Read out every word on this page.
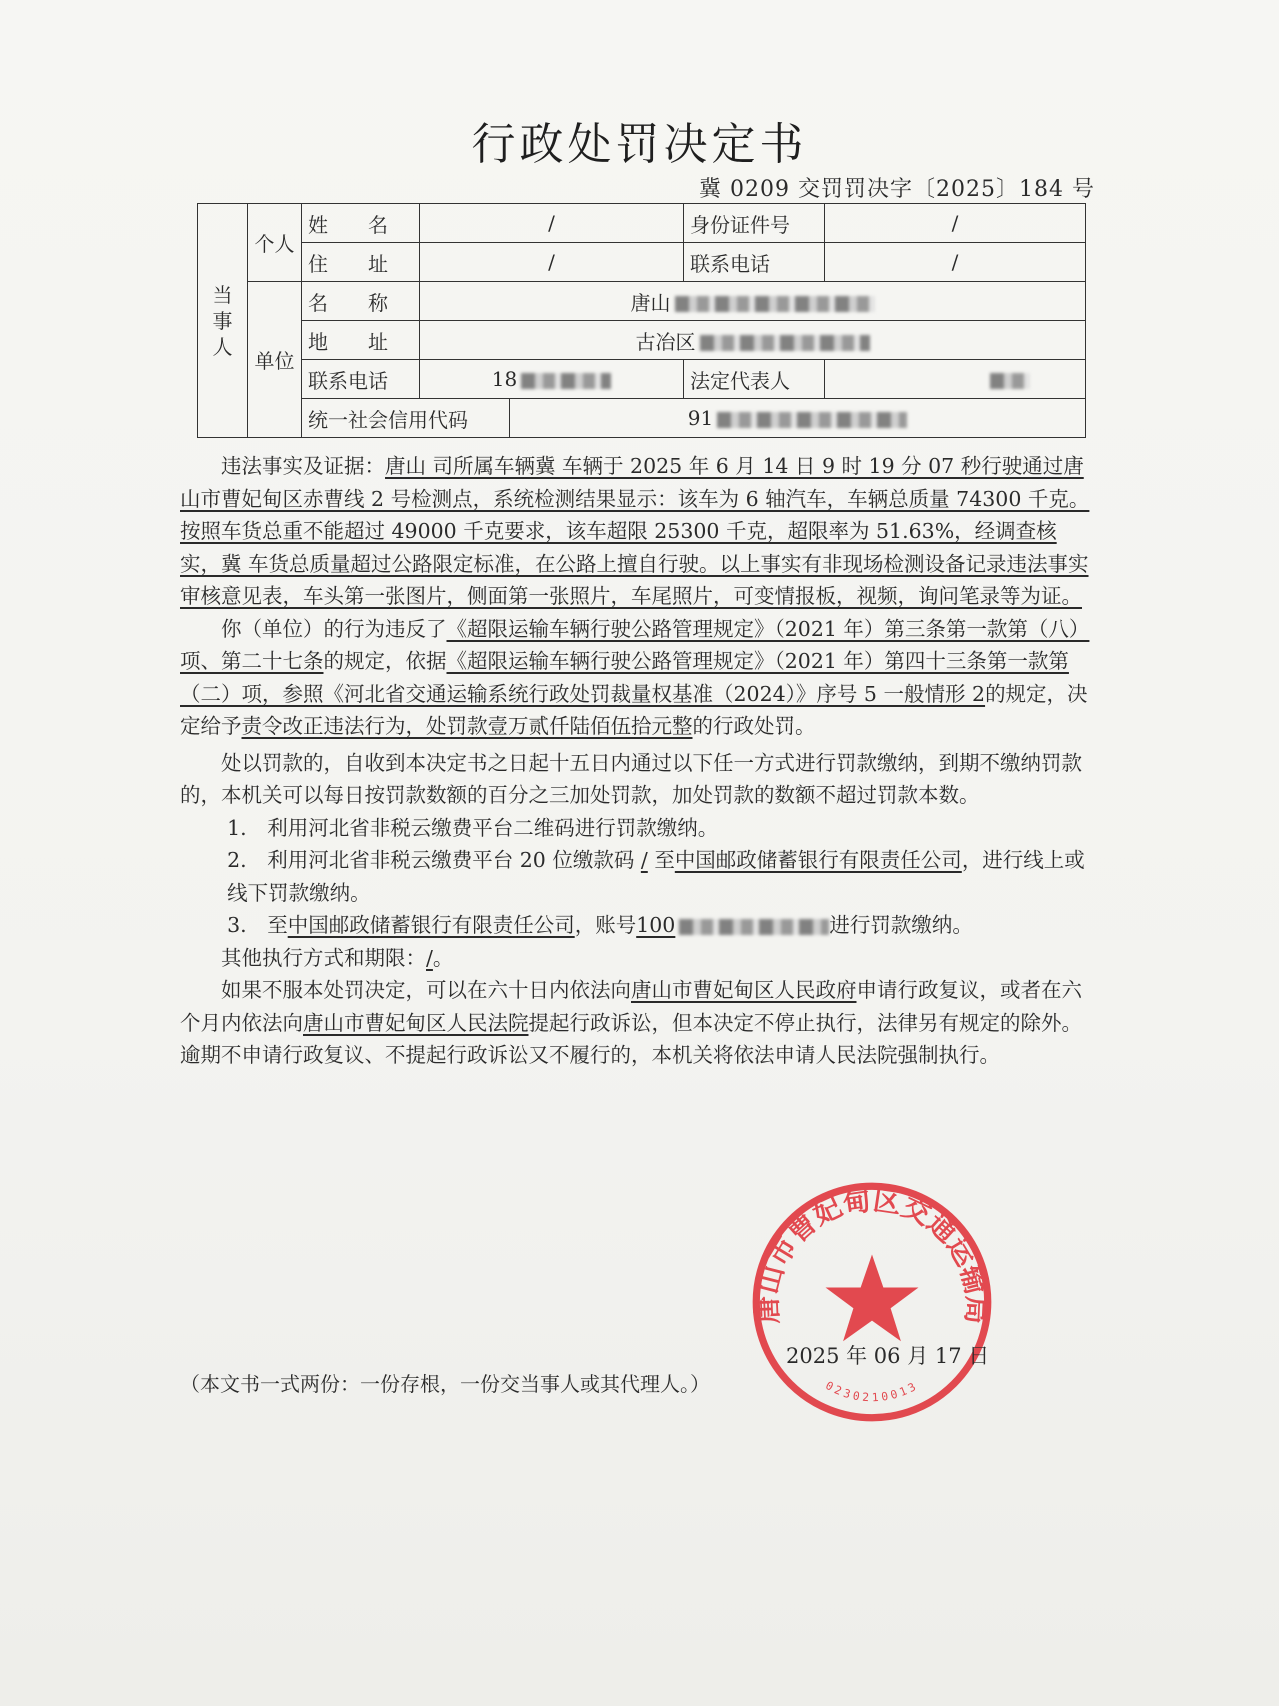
行政处罚决定书
冀 0209 交罚罚决字〔2025〕184 号
当事人	个人	姓　　名	/		身份证件号	/
		住　　址	/		联系电话	/
	单位	名　　称	唐山			
		地　　址	古冶区			
		联系电话	18		法定代表人	
		统一社会信用代码		91		

违法事实及证据：唐山 司所属车辆冀 车辆于 2025 年 6 月 14 日 9 时 19 分 07 秒行驶通过唐山市曹妃甸区赤曹线 2 号检测点，系统检测结果显示：该车为 6 轴汽车，车辆总质量 74300 千克。按照车货总重不能超过 49000 千克要求，该车超限 25300 千克，超限率为 51.63%，经调查核实，冀 车货总质量超过公路限定标准，在公路上擅自行驶。以上事实有非现场检测设备记录违法事实审核意见表，车头第一张图片，侧面第一张照片，车尾照片，可变情报板，视频，询问笔录等为证。

你（单位）的行为违反了《超限运输车辆行驶公路管理规定》（2021 年）第三条第一款第（八）项、第二十七条的规定，依据《超限运输车辆行驶公路管理规定》（2021 年）第四十三条第一款第（二）项，参照《河北省交通运输系统行政处罚裁量权基准（2024）》序号 5 一般情形 2的规定，决定给予责令改正违法行为，处罚款壹万贰仟陆佰伍拾元整的行政处罚。

处以罚款的，自收到本决定书之日起十五日内通过以下任一方式进行罚款缴纳，到期不缴纳罚款的，本机关可以每日按罚款数额的百分之三加处罚款，加处罚款的数额不超过罚款本数。

1.　利用河北省非税云缴费平台二维码进行罚款缴纳。

2.　利用河北省非税云缴费平台 20 位缴款码 / 至中国邮政储蓄银行有限责任公司，进行线上或线下罚款缴纳。

3.　至中国邮政储蓄银行有限责任公司，账号100	进行罚款缴纳。

其他执行方式和期限：/。

如果不服本处罚决定，可以在六十日内依法向唐山市曹妃甸区人民政府申请行政复议，或者在六个月内依法向唐山市曹妃甸区人民法院提起行政诉讼，但本决定不停止执行，法律另有规定的除外。逾期不申请行政复议、不提起行政诉讼又不履行的，本机关将依法申请人民法院强制执行。

唐山市曹妃甸区交通运输局
0230210013
2025 年 06 月 17 日
（本文书一式两份：一份存根，一份交当事人或其代理人。）
